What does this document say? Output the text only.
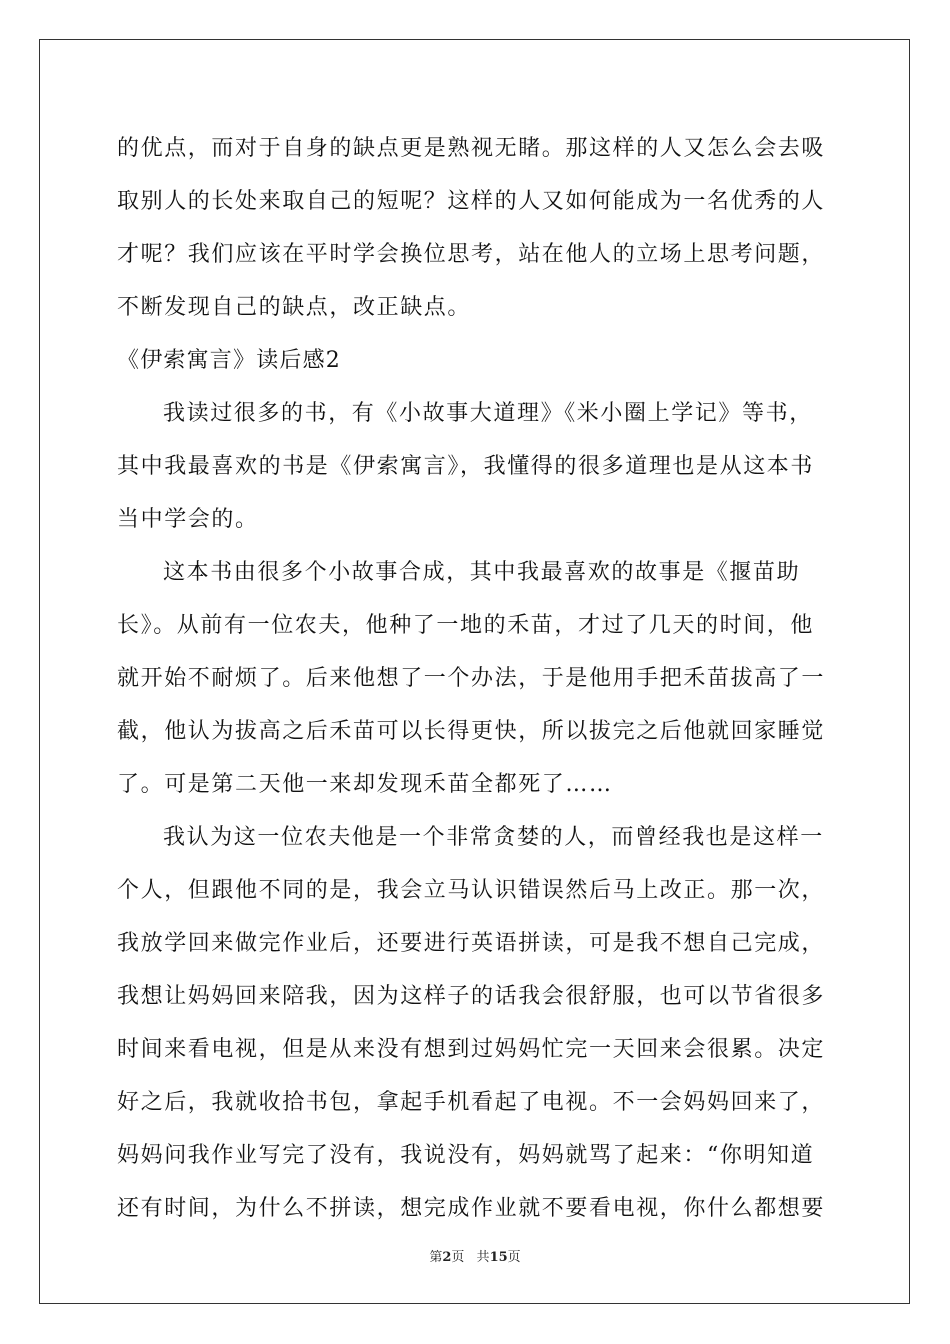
的优点，而对于自身的缺点更是熟视无睹。那这样的人又怎么会去吸
取别人的长处来取自己的短呢？这样的人又如何能成为一名优秀的人
才呢？我们应该在平时学会换位思考，站在他人的立场上思考问题，
不断发现自己的缺点，改正缺点。
《伊索寓言》读后感2
我读过很多的书，有《小故事大道理》《米小圈上学记》等书，
其中我最喜欢的书是《伊索寓言》，我懂得的很多道理也是从这本书
当中学会的。
这本书由很多个小故事合成，其中我最喜欢的故事是《揠苗助
长》。从前有一位农夫，他种了一地的禾苗，才过了几天的时间，他
就开始不耐烦了。后来他想了一个办法，于是他用手把禾苗拔高了一
截，他认为拔高之后禾苗可以长得更快，所以拔完之后他就回家睡觉
了。可是第二天他一来却发现禾苗全都死了……
我认为这一位农夫他是一个非常贪婪的人，而曾经我也是这样一
个人，但跟他不同的是，我会立马认识错误然后马上改正。那一次，
我放学回来做完作业后，还要进行英语拼读，可是我不想自己完成，
我想让妈妈回来陪我，因为这样子的话我会很舒服，也可以节省很多
时间来看电视，但是从来没有想到过妈妈忙完一天回来会很累。决定
好之后，我就收拾书包，拿起手机看起了电视。不一会妈妈回来了，
妈妈问我作业写完了没有，我说没有，妈妈就骂了起来：“你明知道
还有时间，为什么不拼读，想完成作业就不要看电视，你什么都想要
第2页 共15页
